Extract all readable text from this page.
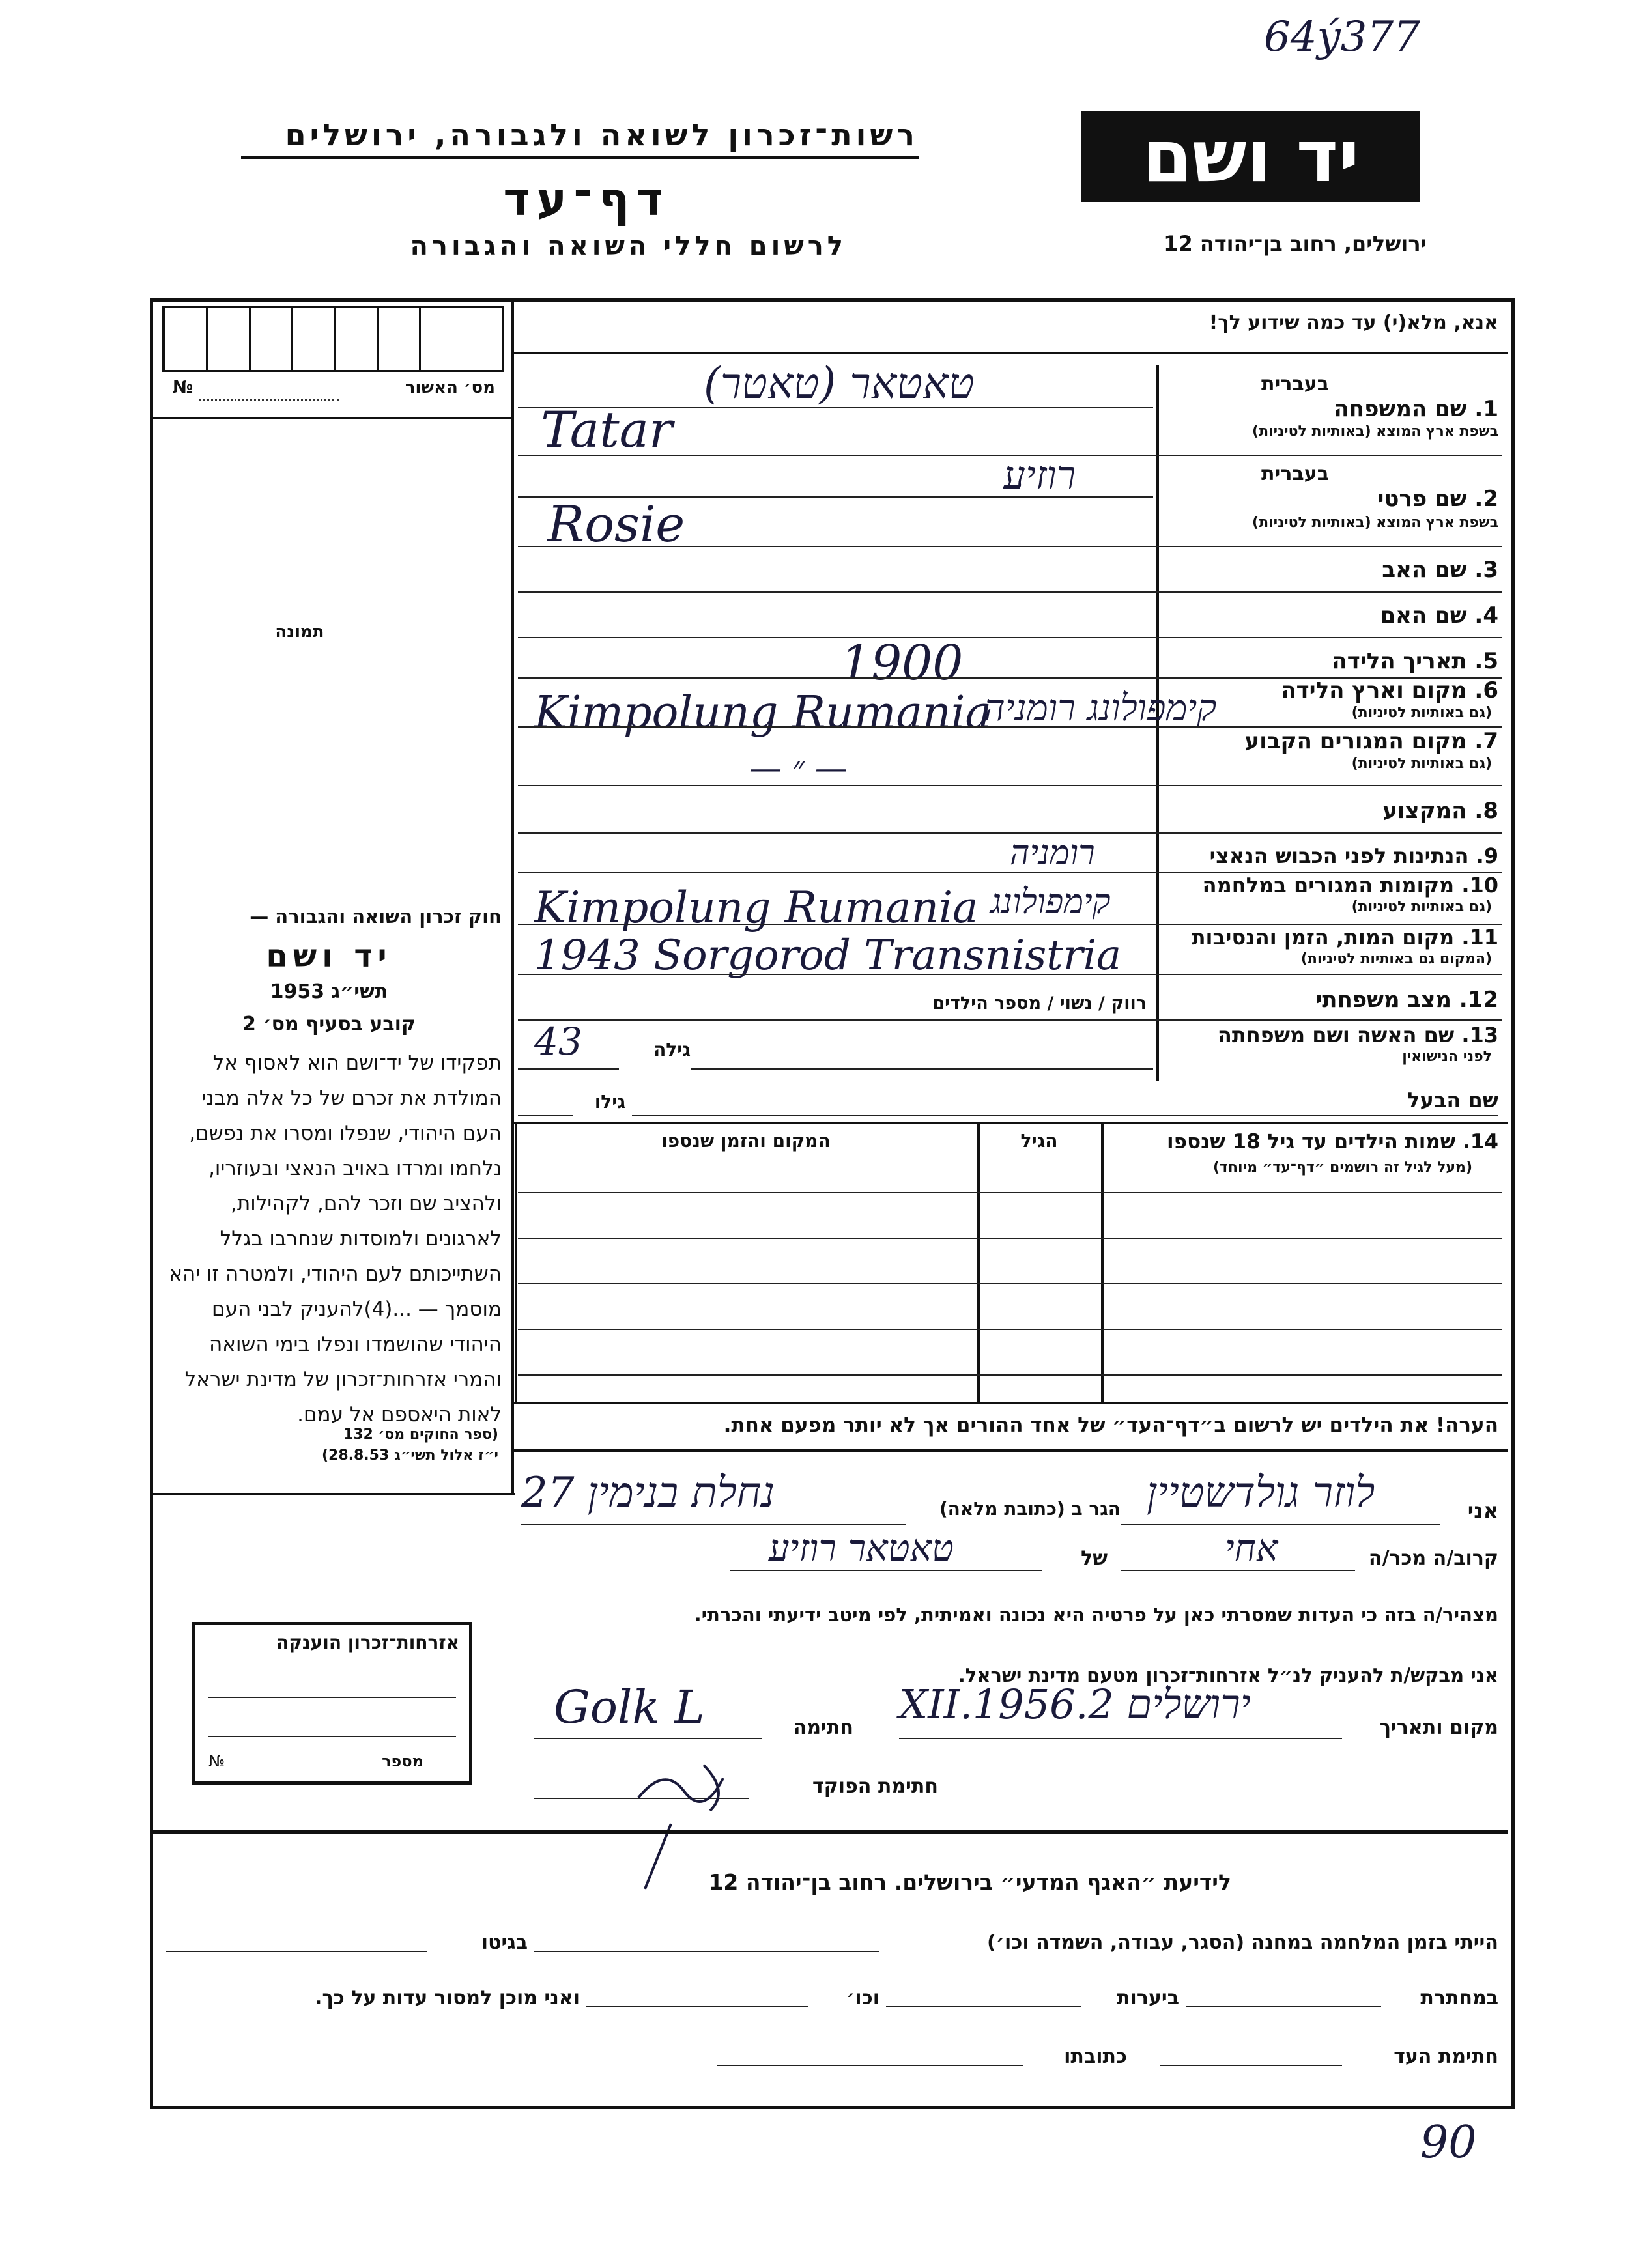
64ý377
רשות־זכרון לשואה ולגבורה, ירושלים
דף־עד
לרשום חללי השואה והגבורה
יד ושם
ירושלים, רחוב בן־יהודה 12
מס׳ האשור
№
תמונה
חוק זכרון השואה והגבורה —
יד ושם
תשי״ג 1953
קובע בסעיף מס׳ 2
תפקידו של יד־ושם הוא לאסוף אל המולדת את זכרם של כל אלה מבני העם היהודי, שנפלו ומסרו את נפשם, נלחמו ומרדו באויב הנאצי ובעוזריו, ולהציב שם וזכר להם, לקהילות, לארגונים ולמוסדות שנחרבו בגלל השתייכותם לעם היהודי, ולמטרה זו יהא מוסמך — ...(4)להעניק לבני העם היהודי שהושמדו ונפלו בימי השואה והמרי אזרחות־זכרון של מדינת ישראל לאות היאספם אל עמם.
(ספר החוקים מס׳ 132
י״ז אלול תשי״ג 28.8.53)
אזרחות־זכרון הוענקה
מספר
№
אנא, מלא(י) עד כמה שידוע לך!
בעברית
1. שם המשפחה
בשפת ארץ המוצא (באותיות לטיניות)
טאטאר (טאטר)
Tatar
בעברית
2. שם פרטי
בשפת ארץ המוצא (באותיות לטיניות)
רוזיע
Rosie
3. שם האב
4. שם האם
5. תאריך הלידה
1900	6. מקום וארץ הלידה
(גם באותיות לטיניות)
Kimpolung Rumania
קימפולונג רומניה
7. מקום המגורים הקבוע
(גם באותיות לטיניות)
— ״ —
8. המקצוע
9. הנתינות לפני הכבוש הנאצי
רומניה
10. מקומות המגורים במלחמה
(גם באותיות לטיניות)
Kimpolung Rumania קימפולונג
11. מקום המות, הזמן והנסיבות
(המקום גם באותיות לטיניות)
1943 Sorgorod Transnistria
12. מצב משפחתי
רווק / נשוי / מספר הילדים
13. שם האשה ושם משפחתה
לפני הנישואין
גילה
43
שם הבעל
גילו
14. שמות הילדים עד גיל 18 שנספו
(מעל לגיל זה רושמים ״דף־עד״ מיוחד)
הגיל
המקום והזמן שנספו
הערה! את הילדים יש לרשום ב״דף־העד״ של אחד ההורים אך לא יותר מפעם אחת.
אני
לוזר גולדשטיין
הגר ב (כתובת מלאה)
נחלת בנימין 27
קרוב/ה מכר/ה
אחי
של
טאטאר רוזיע
מצהיר/ה בזה כי העדות שמסרתי כאן על פרטיה היא נכונה ואמיתית, לפי מיטב ידיעתי והכרתי.
אני מבקש/ת להעניק לנ״ל אזרחות־זכרון מטעם מדינת ישראל.
מקום ותאריך
ירושלים 2.XII.1956
חתימה
Golk L
חתימת הפוקד
לידיעת ״האגף המדעי״ בירושלים. רחוב בן־יהודה 12
הייתי בזמן המלחמה במחנה (הסגר, עבודה, השמדה וכו׳)
בגיטו
במחתרת
ביערות
וכו׳
ואני מוכן למסור עדות על כך.
חתימת העד
כתובתו
90
